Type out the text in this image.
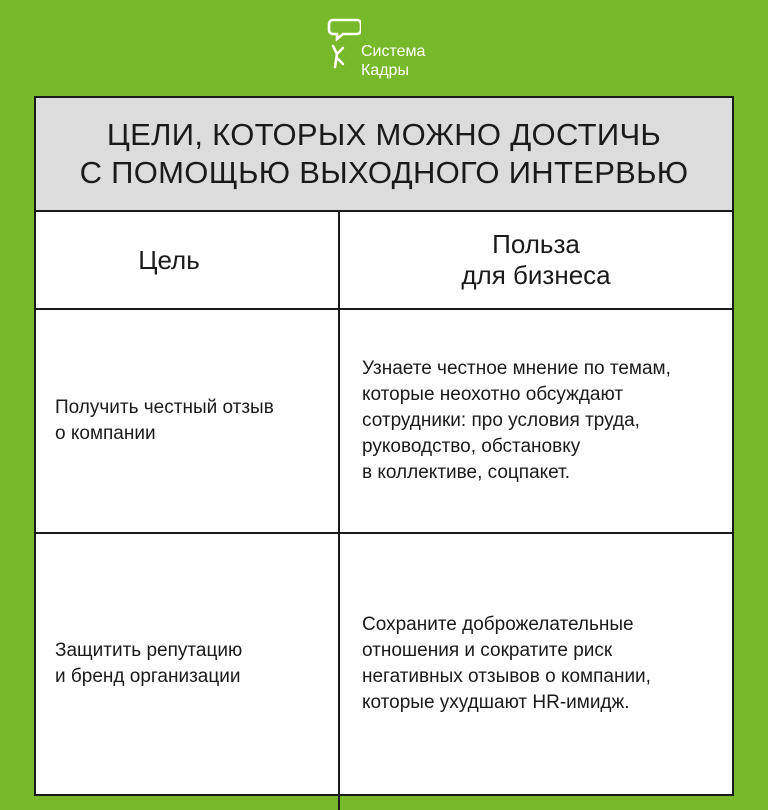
Система
Кадры
ЦЕЛИ, КОТОРЫХ МОЖНО ДОСТИЧЬ
С ПОМОЩЬЮ ВЫХОДНОГО ИНТЕРВЬЮ
Цель
Польза
для бизнеса
Получить честный отзыв
о компании
Узнаете честное мнение по темам,
которые неохотно обсуждают
сотрудники: про условия труда,
руководство, обстановку
в коллективе, соцпакет.
Защитить репутацию
и бренд организации
Сохраните доброжелательные
отношения и сократите риск
негативных отзывов о компании,
которые ухудшают HR-имидж.
